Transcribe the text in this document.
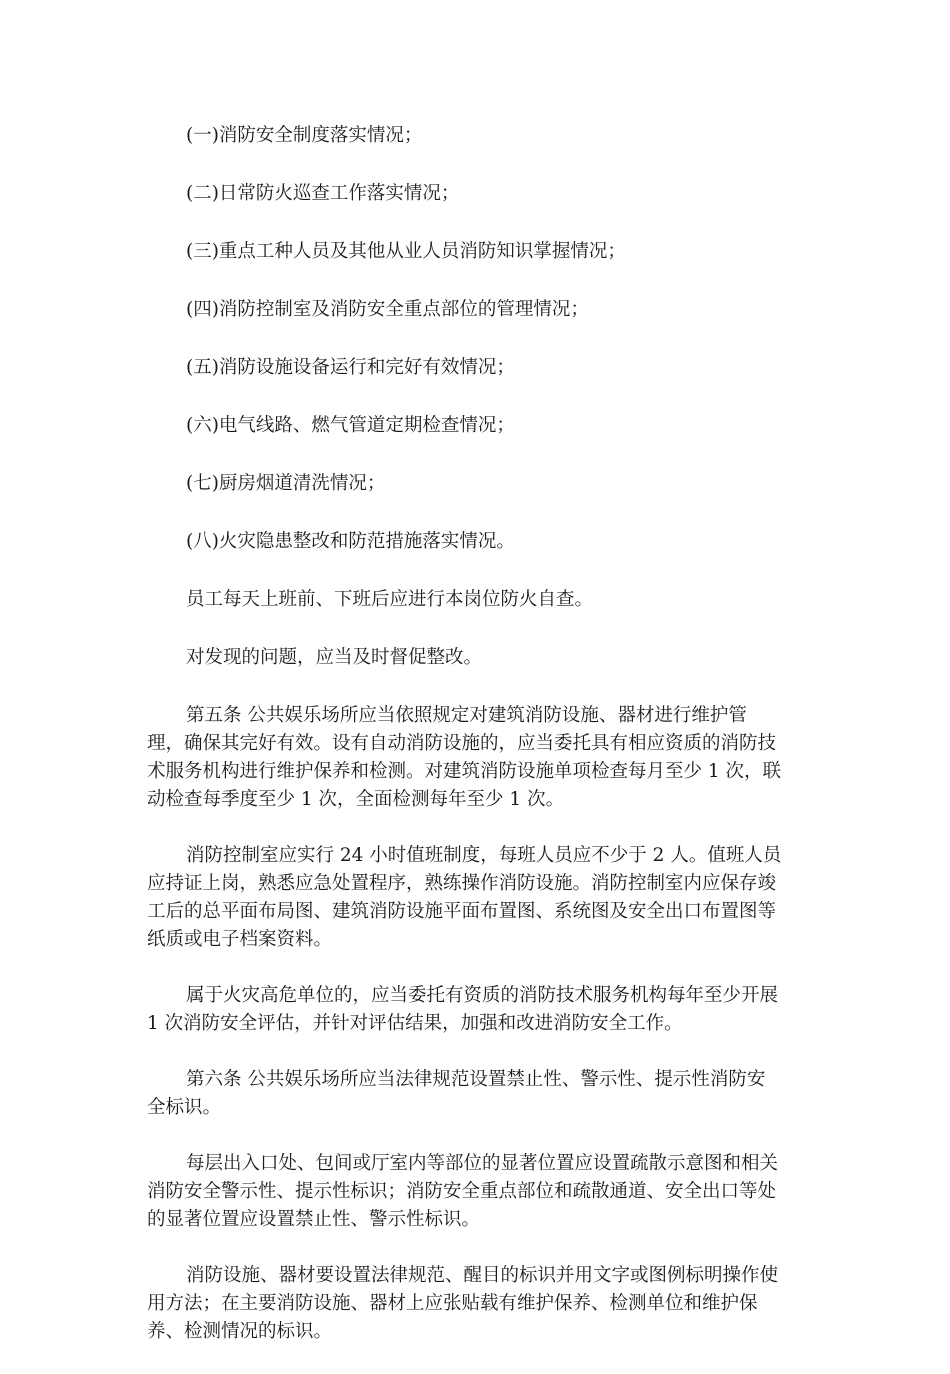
(一)消防安全制度落实情况；
(二)日常防火巡查工作落实情况；
(三)重点工种人员及其他从业人员消防知识掌握情况；
(四)消防控制室及消防安全重点部位的管理情况；
(五)消防设施设备运行和完好有效情况；
(六)电气线路、燃气管道定期检查情况；
(七)厨房烟道清洗情况；
(八)火灾隐患整改和防范措施落实情况。
员工每天上班前、下班后应进行本岗位防火自查。
对发现的问题，应当及时督促整改。
第五条 公共娱乐场所应当依照规定对建筑消防设施、器材进行维护管
理，确保其完好有效。设有自动消防设施的，应当委托具有相应资质的消防技
术服务机构进行维护保养和检测。对建筑消防设施单项检查每月至少 1 次，联
动检查每季度至少 1 次，全面检测每年至少 1 次。
消防控制室应实行 24 小时值班制度，每班人员应不少于 2 人。值班人员
应持证上岗，熟悉应急处置程序，熟练操作消防设施。消防控制室内应保存竣
工后的总平面布局图、建筑消防设施平面布置图、系统图及安全出口布置图等
纸质或电子档案资料。
属于火灾高危单位的，应当委托有资质的消防技术服务机构每年至少开展
1 次消防安全评估，并针对评估结果，加强和改进消防安全工作。
第六条 公共娱乐场所应当法律规范设置禁止性、警示性、提示性消防安
全标识。
每层出入口处、包间或厅室内等部位的显著位置应设置疏散示意图和相关
消防安全警示性、提示性标识；消防安全重点部位和疏散通道、安全出口等处
的显著位置应设置禁止性、警示性标识。
消防设施、器材要设置法律规范、醒目的标识并用文字或图例标明操作使
用方法；在主要消防设施、器材上应张贴载有维护保养、检测单位和维护保
养、检测情况的标识。
